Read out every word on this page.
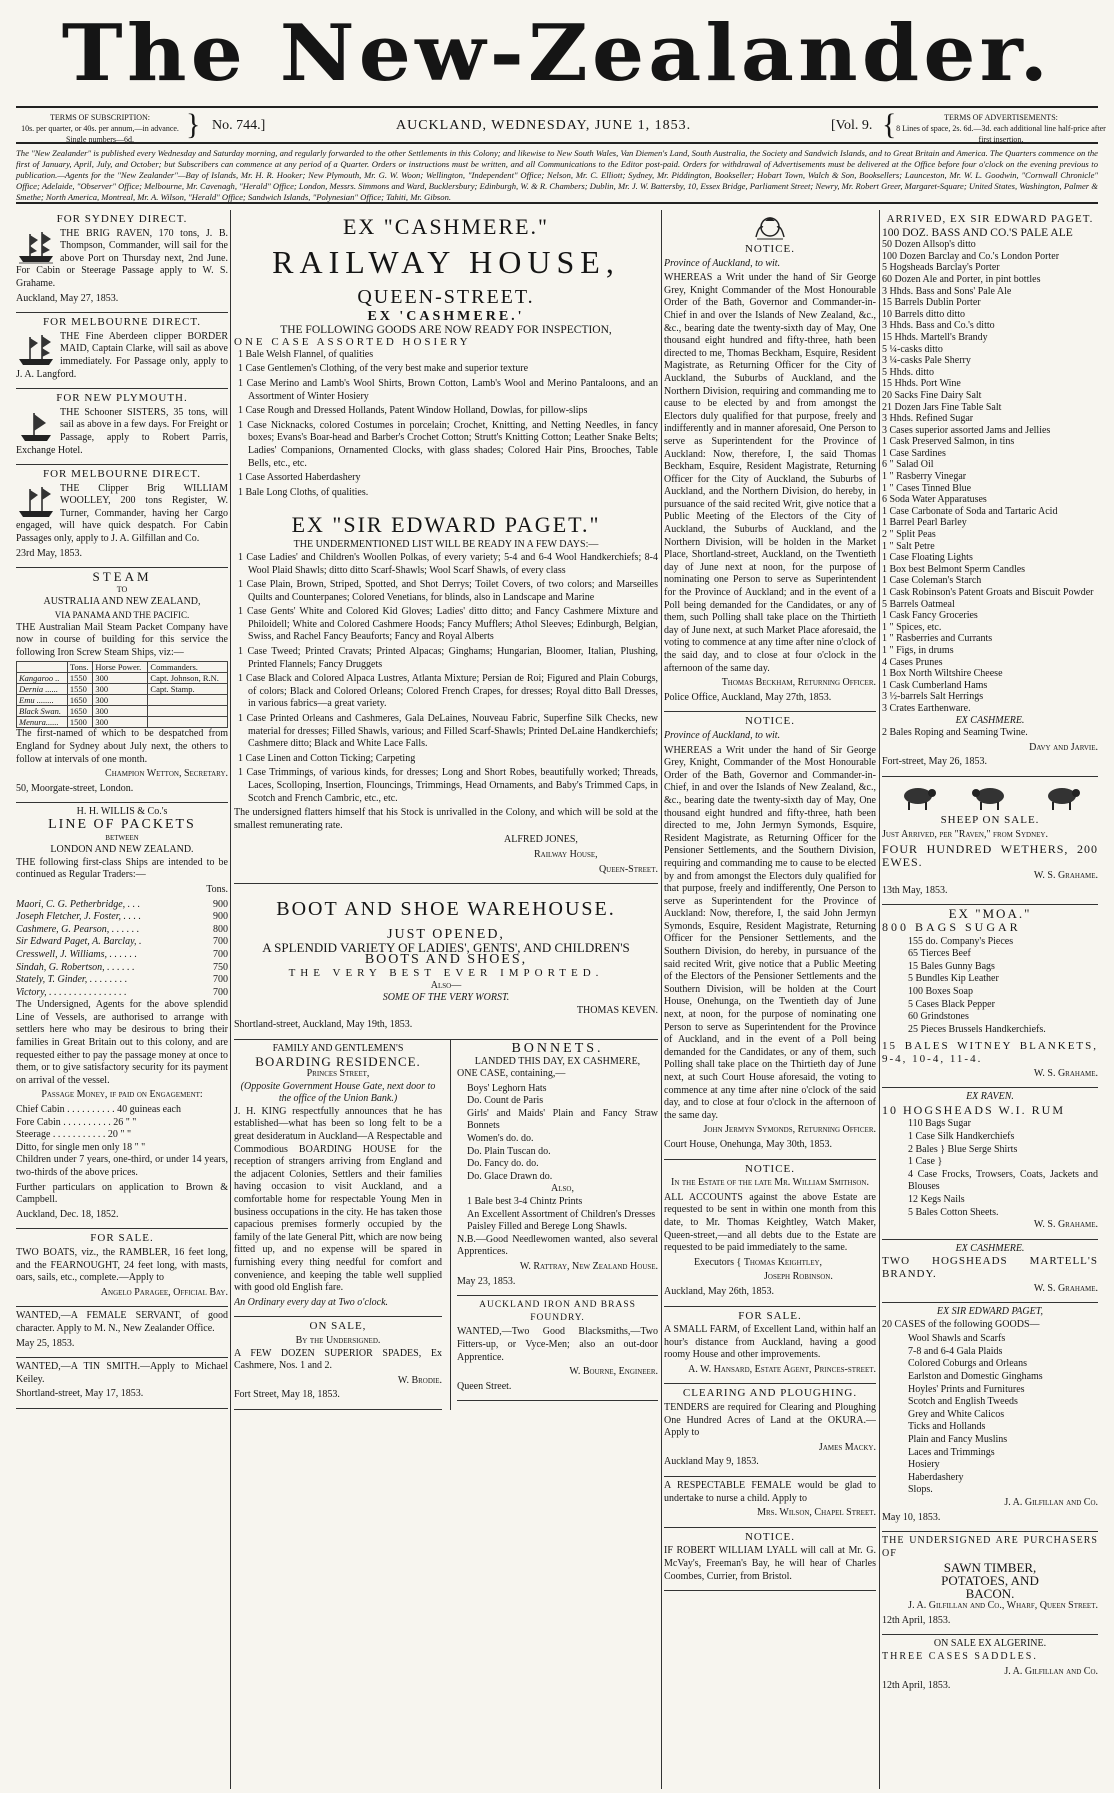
The New-Zealander.
TERMS OF SUBSCRIPTION:
10s. per quarter, or 40s. per annum,—in advance. Single numbers—6d.	} No. 744.]	AUCKLAND, WEDNESDAY, JUNE 1, 1853.	[Vol. 9. {	TERMS OF ADVERTISEMENTS:
8 Lines of space, 2s. 6d.—3d. each additional line half-price after first insertion.
The "New Zealander" is published every Wednesday and Saturday morning, and regularly forwarded to the other Settlements in this Colony; and likewise to New South Wales, Van Diemen's Land, South Australia, the Society and Sandwich Islands, and to Great Britain and America. The Quarters commence on the first of January, April, July, and October; but Subscribers can commence at any period of a Quarter. Orders or instructions must be written, and all Communications to the Editor post-paid. Orders for withdrawal of Advertisements must be delivered at the Office before four o'clock on the evening previous to publication.—Agents for the "New Zealander"—Bay of Islands, Mr. H. R. Hooker; New Plymouth, Mr. G. W. Woon; Wellington, "Independent" Office; Nelson, Mr. C. Elliott; Sydney, Mr. Piddington, Bookseller; Hobart Town, Walch & Son, Booksellers; Launceston, Mr. W. L. Goodwin, "Cornwall Chronicle" Office; Adelaide, "Observer" Office; Melbourne, Mr. Cavenagh, "Herald" Office; London, Messrs. Simmons and Ward, Bucklersbury; Edinburgh, W. & R. Chambers; Dublin, Mr. J. W. Battersby, 10, Essex Bridge, Parliament Street; Newry, Mr. Robert Greer, Margaret-Square; United States, Washington, Palmer & Smethe; North America, Montreal, Mr. A. Wilson, "Herald" Office; Sandwich Islands, "Polynesian" Office; Tahiti, Mr. Gibson.
FOR SYDNEY DIRECT.

THE BRIG RAVEN, 170 tons, J. B. Thompson, Commander, will sail for the above Port on Thursday next, 2nd June. For Cabin or Steerage Passage apply to W. S. Grahame.

Auckland, May 27, 1853.

FOR MELBOURNE DIRECT.

THE Fine Aberdeen clipper BORDER MAID, Captain Clarke, will sail as above immediately. For Passage only, apply to J. A. Langford.

FOR NEW PLYMOUTH.

THE Schooner SISTERS, 35 tons, will sail as above in a few days. For Freight or Passage, apply to Robert Parris, Exchange Hotel.

FOR MELBOURNE DIRECT.

THE Clipper Brig WILLIAM WOOLLEY, 200 tons Register, W. Turner, Commander, having her Cargo engaged, will have quick despatch. For Cabin Passages only, apply to J. A. Gilfillan and Co.

23rd May, 1853.

STEAM
TO
AUSTRALIA AND NEW ZEALAND,
VIA PANAMA AND THE PACIFIC.

THE Australian Mail Steam Packet Company have now in course of building for this service the following Iron Screw Steam Ships, viz:—

	Tons.	Horse Power.	Commanders.
Kangaroo ..	1550	300	Capt. Johnson, R.N.
Dernia ......	1550	300	Capt. Stamp.
Emu ........	1650	300	
Black Swan.	1650	300	
Menura......	1500	300	

The first-named of which to be despatched from England for Sydney about July next, the others to follow at intervals of one month.

Champion Wetton, Secretary.

50, Moorgate-street, London.

H. H. WILLIS & Co.'s
LINE OF PACKETS
BETWEEN
LONDON AND NEW ZEALAND.

THE following first-class Ships are intended to be continued as Regular Traders:—

Tons.

Maori, C. G. Petherbridge, . . .	900
Joseph Fletcher, J. Foster, . . . .	900
Cashmere, G. Pearson, . . . . . .	800
Sir Edward Paget, A. Barclay, .	700
Cresswell, J. Williams, . . . . . .	700
Sindah, G. Robertson, . . . . . .	750
Stately, T. Ginder, . . . . . . . .	700
Victory, . . . . . . . . . . . . . . . .	700

The Undersigned, Agents for the above splendid Line of Vessels, are authorised to arrange with settlers here who may be desirous to bring their families in Great Britain out to this colony, and are requested either to pay the passage money at once to them, or to give satisfactory security for its payment on arrival of the vessel.

Passage Money, if paid on Engagement:

Chief Cabin . . . . . . . . . . 40 guineas each
Fore Cabin . . . . . . . . . . 26 " "
Steerage . . . . . . . . . . . 20 " "
Ditto, for single men only 18 " "

Children under 7 years, one-third, or under 14 years, two-thirds of the above prices.

Further particulars on application to Brown & Campbell.

Auckland, Dec. 18, 1852.

FOR SALE.

TWO BOATS, viz., the RAMBLER, 16 feet long, and the FEARNOUGHT, 24 feet long, with masts, oars, sails, etc., complete.—Apply to

Angelo Paragee, Official Bay.

WANTED,—A FEMALE SERVANT, of good character. Apply to M. N., New Zealander Office.

May 25, 1853.

WANTED,—A TIN SMITH.—Apply to Michael Keiley.

Shortland-street, May 17, 1853.

EX "CASHMERE."
RAILWAY HOUSE,
QUEEN-STREET.
EX 'CASHMERE.'
THE FOLLOWING GOODS ARE NOW READY FOR INSPECTION,
ONE CASE ASSORTED HOSIERY

1 Bale Welsh Flannel, of qualities

1 Case Gentlemen's Clothing, of the very best make and superior texture

1 Case Merino and Lamb's Wool Shirts, Brown Cotton, Lamb's Wool and Merino Pantaloons, and an Assortment of Winter Hosiery

1 Case Rough and Dressed Hollands, Patent Window Holland, Dowlas, for pillow-slips

1 Case Nicknacks, colored Costumes in porcelain; Crochet, Knitting, and Netting Needles, in fancy boxes; Evans's Boar-head and Barber's Crochet Cotton; Strutt's Knitting Cotton; Leather Snake Belts; Ladies' Companions, Ornamented Clocks, with glass shades; Colored Hair Pins, Brooches, Table Bells, etc., etc.

1 Case Assorted Haberdashery

1 Bale Long Cloths, of qualities.

EX "SIR EDWARD PAGET."
THE UNDERMENTIONED LIST WILL BE READY IN A FEW DAYS:—

1 Case Ladies' and Children's Woollen Polkas, of every variety; 5-4 and 6-4 Wool Handkerchiefs; 8-4 Wool Plaid Shawls; ditto ditto Scarf-Shawls; Wool Scarf Shawls, of every class

1 Case Plain, Brown, Striped, Spotted, and Shot Derrys; Toilet Covers, of two colors; and Marseilles Quilts and Counterpanes; Colored Venetians, for blinds, also in Landscape and Marine

1 Case Gents' White and Colored Kid Gloves; Ladies' ditto ditto; and Fancy Cashmere Mixture and Philoidell; White and Colored Cashmere Hoods; Fancy Mufflers; Athol Sleeves; Edinburgh, Belgian, Swiss, and Rachel Fancy Beauforts; Fancy and Royal Alberts

1 Case Tweed; Printed Cravats; Printed Alpacas; Ginghams; Hungarian, Bloomer, Italian, Plushing, Printed Flannels; Fancy Druggets

1 Case Black and Colored Alpaca Lustres, Atlanta Mixture; Persian de Roi; Figured and Plain Coburgs, of colors; Black and Colored Orleans; Colored French Crapes, for dresses; Royal ditto Ball Dresses, in various fabrics—a great variety.

1 Case Printed Orleans and Cashmeres, Gala DeLaines, Nouveau Fabric, Superfine Silk Checks, new material for dresses; Filled Shawls, various; and Filled Scarf-Shawls; Printed DeLaine Handkerchiefs; Cashmere ditto; Black and White Lace Falls.

1 Case Linen and Cotton Ticking; Carpeting

1 Case Trimmings, of various kinds, for dresses; Long and Short Robes, beautifully worked; Threads, Laces, Scolloping, Insertion, Flouncings, Trimmings, Head Ornaments, and Baby's Trimmed Caps, in Scotch and French Cambric, etc., etc.

The undersigned flatters himself that his Stock is unrivalled in the Colony, and which will be sold at the smallest remunerating rate.

ALFRED JONES,

Railway House,

Queen-Street.

BOOT AND SHOE WAREHOUSE.
JUST OPENED,
A SPLENDID VARIETY OF LADIES', GENTS', AND CHILDREN'S
BOOTS AND SHOES,
THE VERY BEST EVER IMPORTED.
Also—
SOME OF THE VERY WORST.

THOMAS KEVEN.

Shortland-street, Auckland, May 19th, 1853.

FAMILY AND GENTLEMEN'S
BOARDING RESIDENCE.
Princes Street,
(Opposite Government House Gate, next door to the office of the Union Bank.)

J. H. KING respectfully announces that he has established—what has been so long felt to be a great desideratum in Auckland—A Respectable and Commodious BOARDING HOUSE for the reception of strangers arriving from England and the adjacent Colonies, Settlers and their families having occasion to visit Auckland, and a comfortable home for respectable Young Men in business occupations in the city. He has taken those capacious premises formerly occupied by the family of the late General Pitt, which are now being fitted up, and no expense will be spared in furnishing every thing needful for comfort and convenience, and keeping the table well supplied with good old English fare.

An Ordinary every day at Two o'clock.

ON SALE,
By the Undersigned.

A FEW DOZEN SUPERIOR SPADES, Ex Cashmere, Nos. 1 and 2.

W. Brodie.

Fort Street, May 18, 1853.

BONNETS.
LANDED THIS DAY, EX CASHMERE,

ONE CASE, containing,—

Boys' Leghorn Hats
Do. Count de Paris
Girls' and Maids' Plain and Fancy Straw Bonnets
Women's do. do.
Do. Plain Tuscan do.
Do. Fancy do. do.
Do. Glace Drawn do.
Also,
1 Bale best 3-4 Chintz Prints
An Excellent Assortment of Children's Dresses
Paisley Filled and Berege Long Shawls.

N.B.—Good Needlewomen wanted, also several Apprentices.

W. Rattray, New Zealand House.

May 23, 1853.

AUCKLAND IRON AND BRASS FOUNDRY.

WANTED,—Two Good Blacksmiths,—Two Fitters-up, or Vyce-Men; also an out-door Apprentice.

W. Bourne, Engineer.

Queen Street.

NOTICE.

Province of Auckland, to wit.

WHEREAS a Writ under the hand of Sir George Grey, Knight Commander of the Most Honourable Order of the Bath, Governor and Commander-in-Chief in and over the Islands of New Zealand, &c., &c., bearing date the twenty-sixth day of May, One thousand eight hundred and fifty-three, hath been directed to me, Thomas Beckham, Esquire, Resident Magistrate, as Returning Officer for the City of Auckland, the Suburbs of Auckland, and the Northern Division, requiring and commanding me to cause to be elected by and from amongst the Electors duly qualified for that purpose, freely and indifferently and in manner aforesaid, One Person to serve as Superintendent for the Province of Auckland: Now, therefore, I, the said Thomas Beckham, Esquire, Resident Magistrate, Returning Officer for the City of Auckland, the Suburbs of Auckland, and the Northern Division, do hereby, in pursuance of the said recited Writ, give notice that a Public Meeting of the Electors of the City of Auckland, the Suburbs of Auckland, and the Northern Division, will be holden in the Market Place, Shortland-street, Auckland, on the Twentieth day of June next at noon, for the purpose of nominating one Person to serve as Superintendent for the Province of Auckland; and in the event of a Poll being demanded for the Candidates, or any of them, such Polling shall take place on the Thirtieth day of June next, at such Market Place aforesaid, the voting to commence at any time after nine o'clock of the said day, and to close at four o'clock in the afternoon of the same day.

Thomas Beckham, Returning Officer.

Police Office, Auckland, May 27th, 1853.

NOTICE.

Province of Auckland, to wit.

WHEREAS a Writ under the hand of Sir George Grey, Knight, Commander of the Most Honourable Order of the Bath, Governor and Commander-in-Chief, in and over the Islands of New Zealand, &c., &c., bearing date the twenty-sixth day of May, One thousand eight hundred and fifty-three, hath been directed to me, John Jermyn Symonds, Esquire, Resident Magistrate, as Returning Officer for the Pensioner Settlements, and the Southern Division, requiring and commanding me to cause to be elected by and from amongst the Electors duly qualified for that purpose, freely and indifferently, One Person to serve as Superintendent for the Province of Auckland: Now, therefore, I, the said John Jermyn Symonds, Esquire, Resident Magistrate, Returning Officer for the Pensioner Settlements, and the Southern Division, do hereby, in pursuance of the said recited Writ, give notice that a Public Meeting of the Electors of the Pensioner Settlements and the Southern Division, will be holden at the Court House, Onehunga, on the Twentieth day of June next, at noon, for the purpose of nominating one Person to serve as Superintendent for the Province of Auckland, and in the event of a Poll being demanded for the Candidates, or any of them, such Polling shall take place on the Thirtieth day of June next, at such Court House aforesaid, the voting to commence at any time after nine o'clock of the said day, and to close at four o'clock in the afternoon of the same day.

John Jermyn Symonds, Returning Officer.

Court House, Onehunga, May 30th, 1853.

NOTICE.

In the Estate of the late Mr. William Smithson.

ALL ACCOUNTS against the above Estate are requested to be sent in within one month from this date, to Mr. Thomas Keightley, Watch Maker, Queen-street,—and all debts due to the Estate are requested to be paid immediately to the same.

Executors { Thomas Keightley,

Joseph Robinson.

Auckland, May 26th, 1853.

FOR SALE.

A SMALL FARM, of Excellent Land, within half an hour's distance from Auckland, having a good roomy House and other improvements.

A. W. Hansard, Estate Agent, Princes-street.

CLEARING AND PLOUGHING.

TENDERS are required for Clearing and Ploughing One Hundred Acres of Land at the OKURA.—Apply to

James Macky.

Auckland May 9, 1853.

A RESPECTABLE FEMALE would be glad to undertake to nurse a child. Apply to

Mrs. Wilson, Chapel Street.

NOTICE.

IF ROBERT WILLIAM LYALL will call at Mr. G. McVay's, Freeman's Bay, he will hear of Charles Coombes, Currier, from Bristol.

ARRIVED, EX SIR EDWARD PAGET.
100 DOZ. BASS AND CO.'S PALE ALE
50 Dozen Allsop's ditto
100 Dozen Barclay and Co.'s London Porter
5 Hogsheads Barclay's Porter
60 Dozen Ale and Porter, in pint bottles
3 Hhds. Bass and Sons' Pale Ale
15 Barrels Dublin Porter
10 Barrels ditto ditto
3 Hhds. Bass and Co.'s ditto
15 Hhds. Martell's Brandy
5 ¼-casks ditto
3 ¼-casks Pale Sherry
5 Hhds. ditto
15 Hhds. Port Wine
20 Sacks Fine Dairy Salt
21 Dozen Jars Fine Table Salt
3 Hhds. Refined Sugar
3 Cases superior assorted Jams and Jellies
1 Cask Preserved Salmon, in tins
1 Case Sardines
6 " Salad Oil
1 " Rasberry Vinegar
1 " Cases Tinned Blue
6 Soda Water Apparatuses
1 Case Carbonate of Soda and Tartaric Acid
1 Barrel Pearl Barley
2 " Split Peas
1 " Salt Petre
1 Case Floating Lights
1 Box best Belmont Sperm Candles
1 Case Coleman's Starch
1 Cask Robinson's Patent Groats and Biscuit Powder
5 Barrels Oatmeal
1 Cask Fancy Groceries
1 " Spices, etc.
1 " Rasberries and Currants
1 " Figs, in drums
4 Cases Prunes
1 Box North Wiltshire Cheese
1 Cask Cumberland Hams
3 ½-barrels Salt Herrings
3 Crates Earthenware.
EX CASHMERE.

2 Bales Roping and Seaming Twine.

Davy and Jarvie.

Fort-street, May 26, 1853.

SHEEP ON SALE.

Just Arrived, per "Raven," from Sydney.

FOUR HUNDRED WETHERS, 200 EWES.

W. S. Grahame.

13th May, 1853.

EX "MOA."

800 BAGS SUGAR

155 do. Company's Pieces
65 Tierces Beef
15 Bales Gunny Bags
5 Bundles Kip Leather
100 Boxes Soap
5 Cases Black Pepper
60 Grindstones
25 Pieces Brussels Handkerchiefs.

15 BALES WITNEY BLANKETS, 9-4, 10-4, 11-4.

W. S. Grahame.

EX RAVEN.

10 HOGSHEADS W.I. RUM

110 Bags Sugar
1 Case Silk Handkerchiefs
2 Bales } Blue Serge Shirts
1 Case }
4 Case Frocks, Trowsers, Coats, Jackets and Blouses
12 Kegs Nails
5 Bales Cotton Sheets.

W. S. Grahame.

EX CASHMERE.

TWO HOGSHEADS MARTELL'S BRANDY.

W. S. Grahame.

EX SIR EDWARD PAGET,

20 CASES of the following GOODS—

Wool Shawls and Scarfs
7-8 and 6-4 Gala Plaids
Colored Coburgs and Orleans
Earlston and Domestic Ginghams
Hoyles' Prints and Furnitures
Scotch and English Tweeds
Grey and White Calicos
Ticks and Hollands
Plain and Fancy Muslins
Laces and Trimmings
Hosiery
Haberdashery
Slops.

J. A. Gilfillan and Co.

May 10, 1853.

THE UNDERSIGNED ARE PURCHASERS OF

SAWN TIMBER,
POTATOES, AND
BACON.

J. A. Gilfillan and Co., Wharf, Queen Street.

12th April, 1853.

ON SALE EX ALGERINE.

THREE CASES SADDLES.

J. A. Gilfillan and Co.

12th April, 1853.
